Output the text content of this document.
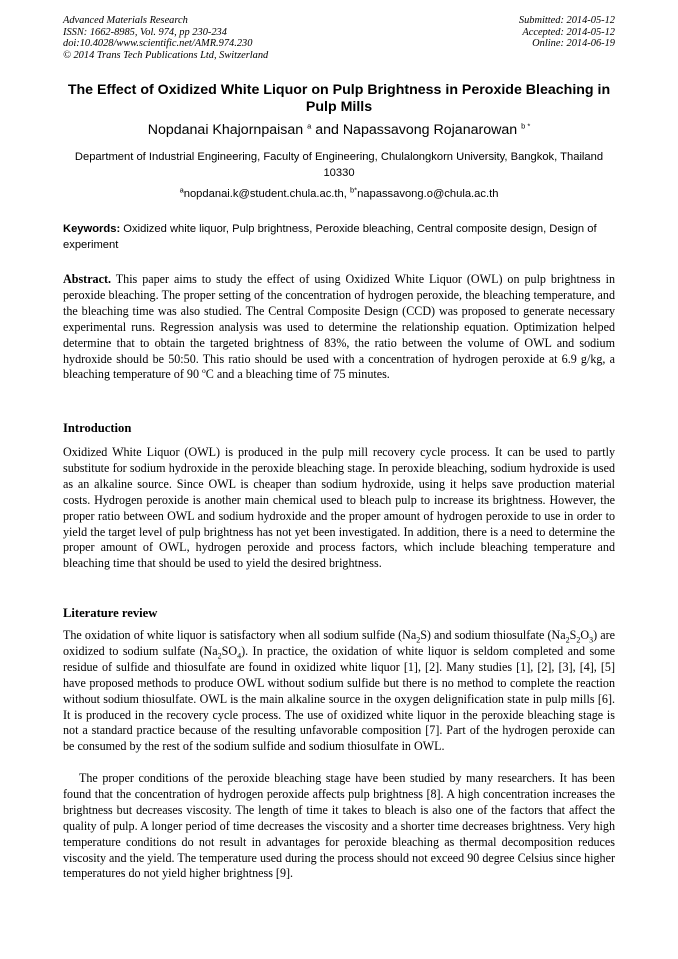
Advanced Materials Research
ISSN: 1662-8985, Vol. 974, pp 230-234
doi:10.4028/www.scientific.net/AMR.974.230
© 2014 Trans Tech Publications Ltd, Switzerland
Submitted: 2014-05-12
Accepted: 2014-05-12
Online: 2014-06-19
The Effect of Oxidized White Liquor on Pulp Brightness in Peroxide Bleaching in Pulp Mills
Nopdanai Khajornpaisan $^a$ and Napassavong Rojanarowan $^{b *}$
Department of Industrial Engineering, Faculty of Engineering, Chulalongkorn University, Bangkok, Thailand 10330
$^a$nopdanai.k@student.chula.ac.th, $^{b*}$napassavong.o@chula.ac.th
Keywords: Oxidized white liquor, Pulp brightness, Peroxide bleaching, Central composite design, Design of experiment
Abstract. This paper aims to study the effect of using Oxidized White Liquor (OWL) on pulp brightness in peroxide bleaching. The proper setting of the concentration of hydrogen peroxide, the bleaching temperature, and the bleaching time was also studied. The Central Composite Design (CCD) was proposed to generate necessary experimental runs. Regression analysis was used to determine the relationship equation. Optimization helped determine that to obtain the targeted brightness of 83%, the ratio between the volume of OWL and sodium hydroxide should be 50:50. This ratio should be used with a concentration of hydrogen peroxide at 6.9 g/kg, a bleaching temperature of 90 $^o$C and a bleaching time of 75 minutes.
Introduction

Oxidized White Liquor (OWL) is produced in the pulp mill recovery cycle process. It can be used to partly substitute for sodium hydroxide in the peroxide bleaching stage. In peroxide bleaching, sodium hydroxide is used as an alkaline source. Since OWL is cheaper than sodium hydroxide, using it helps save production material costs. Hydrogen peroxide is another main chemical used to bleach pulp to increase its brightness. However, the proper ratio between OWL and sodium hydroxide and the proper amount of hydrogen peroxide to use in order to yield the target level of pulp brightness has not yet been investigated. In addition, there is a need to determine the proper amount of OWL, hydrogen peroxide and process factors, which include bleaching temperature and bleaching time that should be used to yield the desired brightness.

Literature review

The oxidation of white liquor is satisfactory when all sodium sulfide $(Na_2S)$ and sodium thiosulfate $(Na_2S_2O_3)$ are oxidized to sodium sulfate $(Na_2SO_4)$. In practice, the oxidation of white liquor is seldom completed and some residue of sulfide and thiosulfate are found in oxidized white liquor [1], [2]. Many studies [1], [2], [3], [4], [5] have proposed methods to produce OWL without sodium sulfide but there is no method to complete the reaction without sodium thiosulfate. OWL is the main alkaline source in the oxygen delignification state in pulp mills [6]. It is produced in the recovery cycle process. The use of oxidized white liquor in the peroxide bleaching stage is not a standard practice because of the resulting unfavorable composition [7]. Part of the hydrogen peroxide can be consumed by the rest of the sodium sulfide and sodium thiosulfate in OWL.

The proper conditions of the peroxide bleaching stage have been studied by many researchers. It has been found that the concentration of hydrogen peroxide affects pulp brightness [8]. A high concentration increases the brightness but decreases viscosity. The length of time it takes to bleach is also one of the factors that affect the quality of pulp. A longer period of time decreases the viscosity and a shorter time decreases brightness. Very high temperature conditions do not result in advantages for peroxide bleaching as thermal decomposition reduces viscosity and the yield. The temperature used during the process should not exceed 90 degree Celsius since higher temperatures do not yield higher brightness [9].
